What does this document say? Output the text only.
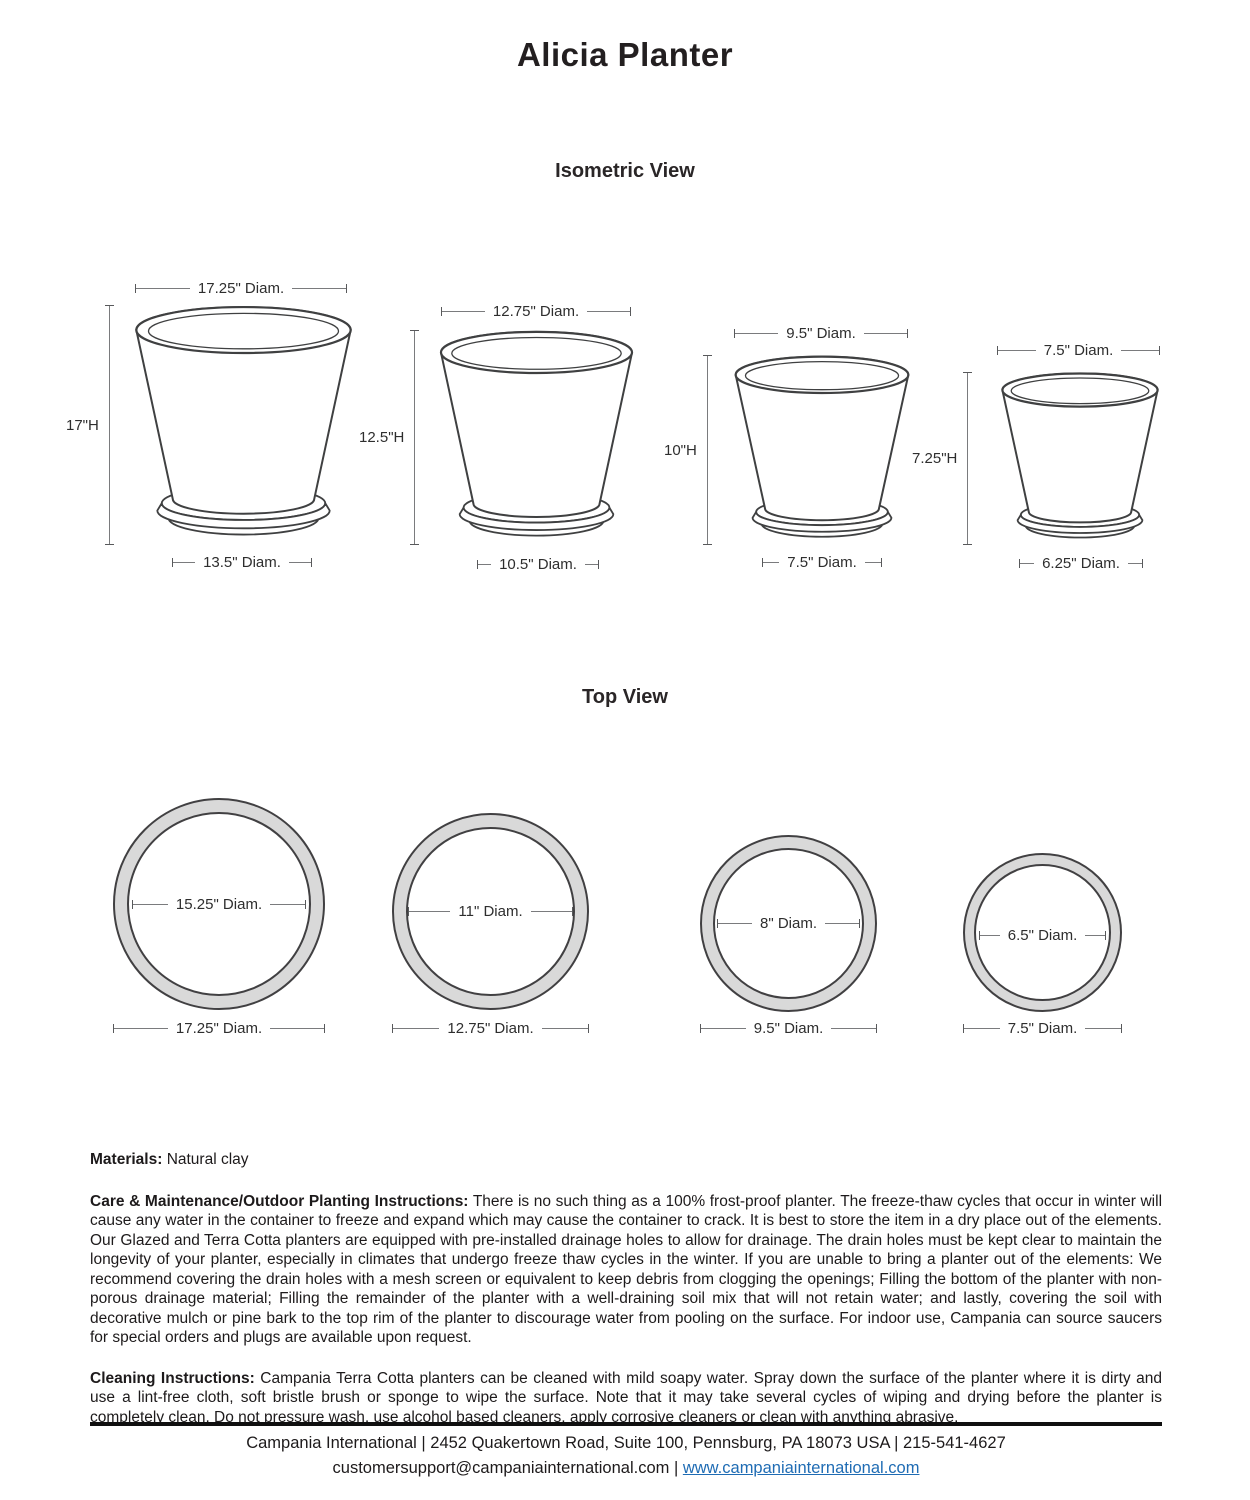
Alicia Planter
Isometric View
Top View
17.25" Diam.
13.5" Diam.
17"H
12.75" Diam.
10.5" Diam.
12.5"H
9.5" Diam.
7.5" Diam.
10"H
7.5" Diam.
6.25" Diam.
7.25"H
15.25" Diam.	11" Diam.
8" Diam.
6.5" Diam.
17.25" Diam.	12.75" Diam.	9.5" Diam.	7.5" Diam.

Materials: Natural clay

Care & Maintenance/Outdoor Planting Instructions: There is no such thing as a 100% frost-proof planter. The freeze-thaw cycles that occur in winter will cause any water in the container to freeze and expand which may cause the container to crack. It is best to store the item in a dry place out of the elements. Our Glazed and Terra Cotta planters are equipped with pre-installed drainage holes to allow for drainage. The drain holes must be kept clear to maintain the longevity of your planter, especially in climates that undergo freeze thaw cycles in the winter. If you are unable to bring a planter out of the elements: We recommend covering the drain holes with a mesh screen or equivalent to keep debris from clogging the openings; Filling the bottom of the planter with non-porous drainage material; Filling the remainder of the planter with a well-draining soil mix that will not retain water; and lastly, covering the soil with decorative mulch or pine bark to the top rim of the planter to discourage water from pooling on the surface. For indoor use, Campania can source saucers for special orders and plugs are available upon request.

Cleaning Instructions: Campania Terra Cotta planters can be cleaned with mild soapy water. Spray down the surface of the planter where it is dirty and use a lint-free cloth, soft bristle brush or sponge to wipe the surface. Note that it may take several cycles of wiping and drying before the planter is completely clean. Do not pressure wash, use alcohol based cleaners, apply corrosive cleaners or clean with anything abrasive.

Campania International | 2452 Quakertown Road, Suite 100, Pennsburg, PA 18073 USA | 215-541-4627
customersupport@campaniainternational.com | www.campaniainternational.com
